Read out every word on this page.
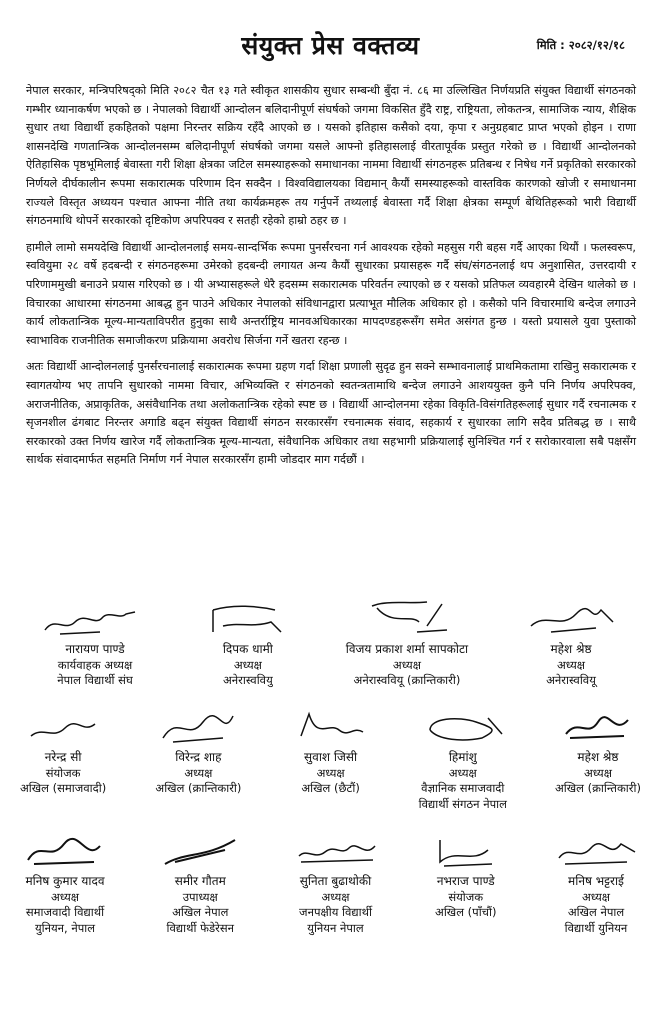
संयुक्त प्रेस वक्तव्य	मिति : २०८२/१२/१८

नेपाल सरकार, मन्त्रिपरिषद्को मिति २०८२ चैत १३ गते स्वीकृत शासकीय सुधार सम्बन्धी बुँदा नं. ८६ मा उल्लिखित निर्णयप्रति संयुक्त विद्यार्थी संगठनको गम्भीर ध्यानाकर्षण भएको छ । नेपालको विद्यार्थी आन्दोलन बलिदानीपूर्ण संघर्षको जगमा विकसित हुँदै राष्ट्र, राष्ट्रियता, लोकतन्त्र, सामाजिक न्याय, शैक्षिक सुधार तथा विद्यार्थी हकहितको पक्षमा निरन्तर सक्रिय रहँदै आएको छ । यसको इतिहास कसैको दया, कृपा र अनुग्रहबाट प्राप्त भएको होइन । राणा शासनदेखि गणतान्त्रिक आन्दोलनसम्म बलिदानीपूर्ण संघर्षको जगमा यसले आफ्नो इतिहासलाई वीरतापूर्वक प्रस्तुत गरेको छ । विद्यार्थी आन्दोलनको ऐतिहासिक पृष्ठभूमिलाई बेवास्ता गरी शिक्षा क्षेत्रका जटिल समस्याहरूको समाधानका नाममा विद्यार्थी संगठनहरू प्रतिबन्ध र निषेध गर्ने प्रकृतिको सरकारको निर्णयले दीर्घकालीन रूपमा सकारात्मक परिणाम दिन सक्दैन । विश्वविद्यालयका विद्यमान् कैयौं समस्याहरूको वास्तविक कारणको खोजी र समाधानमा राज्यले विस्तृत अध्ययन पश्चात आफ्ना नीति तथा कार्यक्रमहरू तय गर्नुपर्ने तथ्यलाई बेवास्ता गर्दै शिक्षा क्षेत्रका सम्पूर्ण बेथितिहरूको भारी विद्यार्थी संगठनमाथि थोपर्ने सरकारको दृष्टिकोण अपरिपक्व र सतही रहेको हाम्रो ठहर छ ।

हामीले लामो समयदेखि विद्यार्थी आन्दोलनलाई समय-सान्दर्भिक रूपमा पुनर्संरचना गर्न आवश्यक रहेको महसुस गरी बहस गर्दै आएका थियौं । फलस्वरूप, स्ववियुमा २८ वर्षे हदबन्दी र संगठनहरूमा उमेरको हदबन्दी लगायत अन्य कैयौं सुधारका प्रयासहरू गर्दै संघ/संगठनलाई थप अनुशासित, उत्तरदायी र परिणाममुखी बनाउने प्रयास गरिएको छ । यी अभ्यासहरूले धेरै हदसम्म सकारात्मक परिवर्तन ल्याएको छ र यसको प्रतिफल व्यवहारमै देखिन थालेको छ । विचारका आधारमा संगठनमा आबद्ध हुन पाउने अधिकार नेपालको संविधानद्वारा प्रत्याभूत मौलिक अधिकार हो । कसैको पनि विचारमाथि बन्देज लगाउने कार्य लोकतान्त्रिक मूल्य-मान्यताविपरीत हुनुका साथै अन्तर्राष्ट्रिय मानवअधिकारका मापदण्डहरूसँग समेत असंगत हुन्छ । यस्तो प्रयासले युवा पुस्ताको स्वाभाविक राजनीतिक समाजीकरण प्रक्रियामा अवरोध सिर्जना गर्ने खतरा रहन्छ ।

अतः विद्यार्थी आन्दोलनलाई पुनर्संरचनालाई सकारात्मक रूपमा ग्रहण गर्दा शिक्षा प्रणाली सुदृढ हुन सक्ने सम्भावनालाई प्राथमिकतामा राखिनु सकारात्मक र स्वागतयोग्य भए तापनि सुधारको नाममा विचार, अभिव्यक्ति र संगठनको स्वतन्त्रतामाथि बन्देज लगाउने आशययुक्त कुनै पनि निर्णय अपरिपक्व, अराजनीतिक, अप्राकृतिक, असंवैधानिक तथा अलोकतान्त्रिक रहेको स्पष्ट छ । विद्यार्थी आन्दोलनमा रहेका विकृति-विसंगतिहरूलाई सुधार गर्दै रचनात्मक र सृजनशील ढंगबाट निरन्तर अगाडि बढ्न संयुक्त विद्यार्थी संगठन सरकारसँग रचनात्मक संवाद, सहकार्य र सुधारका लागि सदैव प्रतिबद्ध छ । साथै सरकारको उक्त निर्णय खारेज गर्दै लोकतान्त्रिक मूल्य-मान्यता, संवैधानिक अधिकार तथा सहभागी प्रक्रियालाई सुनिश्चित गर्न र सरोकारवाला सबै पक्षसँग सार्थक संवादमार्फत सहमति निर्माण गर्न नेपाल सरकारसँग हामी जोडदार माग गर्दछौं ।

नारायण पाण्डे
कार्यवाहक अध्यक्ष
नेपाल विद्यार्थी संघ
दिपक धामी
अध्यक्ष
अनेरास्ववियु
विजय प्रकाश शर्मा सापकोटा
अध्यक्ष
अनेरास्ववियू (क्रान्तिकारी)
महेश श्रेष्ठ
अध्यक्ष
अनेरास्ववियू
नरेन्द्र सी
संयोजक
अखिल (समाजवादी)
विरेन्द्र शाह
अध्यक्ष
अखिल (क्रान्तिकारी)
सुवाश जिसी
अध्यक्ष
अखिल (छैटौं)
हिमांशु
अध्यक्ष
वैज्ञानिक समाजवादी
विद्यार्थी संगठन नेपाल
महेश श्रेष्ठ
अध्यक्ष
अखिल (क्रान्तिकारी)
मनिष कुमार यादव
अध्यक्ष
समाजवादी विद्यार्थी
युनियन, नेपाल
समीर गौतम
उपाध्यक्ष
अखिल नेपाल
विद्यार्थी फेडेरेसन
सुनिता बुढाथोकी
अध्यक्ष
जनपक्षीय विद्यार्थी
युनियन नेपाल
नभराज पाण्डे
संयोजक
अखिल (पाँचौं)
मनिष भट्टराई
अध्यक्ष
अखिल नेपाल
विद्यार्थी युनियन
